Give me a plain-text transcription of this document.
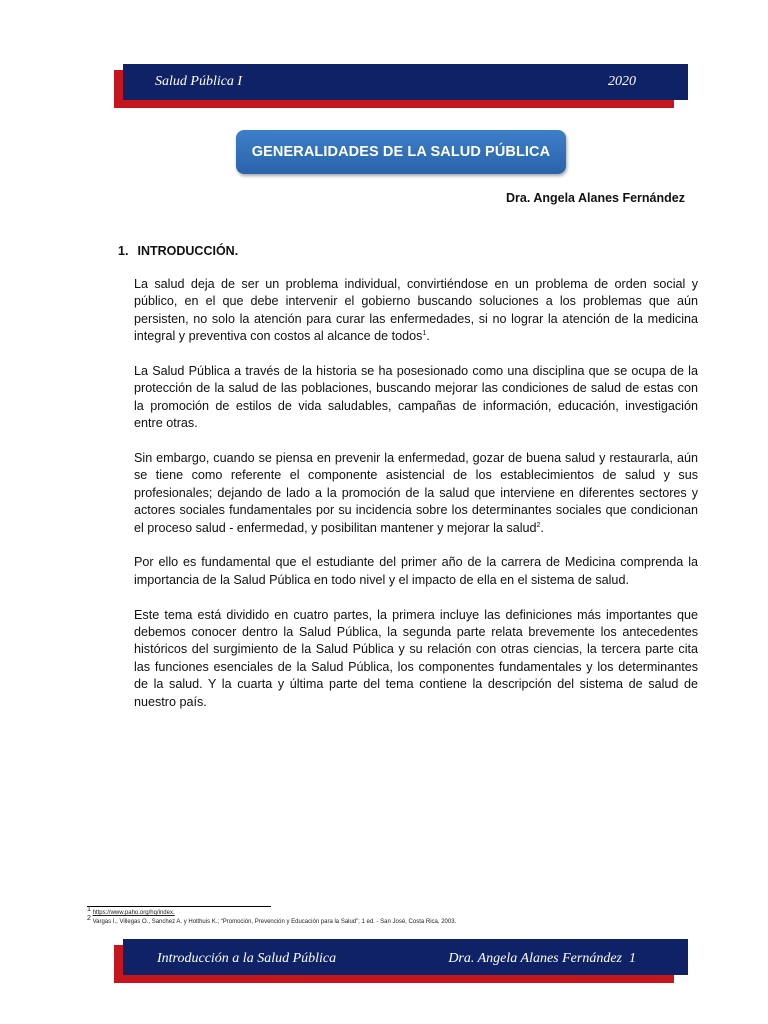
Salud Pública I	2020
GENERALIDADES DE LA SALUD PÚBLICA
Dra. Angela Alanes Fernández
1. INTRODUCCIÓN.

La salud deja de ser un problema individual, convirtiéndose en un problema de orden social y público, en el que debe intervenir el gobierno buscando soluciones a los problemas que aún persisten, no solo la atención para curar las enfermedades, si no lograr la atención de la medicina integral y preventiva con costos al alcance de todos$^1$.

La Salud Pública a través de la historia se ha posesionado como una disciplina que se ocupa de la protección de la salud de las poblaciones, buscando mejorar las condiciones de salud de estas con la promoción de estilos de vida saludables, campañas de información, educación, investigación entre otras.

Sin embargo, cuando se piensa en prevenir la enfermedad, gozar de buena salud y restaurarla, aún se tiene como referente el componente asistencial de los establecimientos de salud y sus profesionales; dejando de lado a la promoción de la salud que interviene en diferentes sectores y actores sociales fundamentales por su incidencia sobre los determinantes sociales que condicionan el proceso salud - enfermedad, y posibilitan mantener y mejorar la salud$^2$.

Por ello es fundamental que el estudiante del primer año de la carrera de Medicina comprenda la importancia de la Salud Pública en todo nivel y el impacto de ella en el sistema de salud.

Este tema está dividido en cuatro partes, la primera incluye las definiciones más importantes que debemos conocer dentro la Salud Pública, la segunda parte relata brevemente los antecedentes históricos del surgimiento de la Salud Pública y su relación con otras ciencias, la tercera parte cita las funciones esenciales de la Salud Pública, los componentes fundamentales y los determinantes de la salud. Y la cuarta y última parte del tema contiene la descripción del sistema de salud de nuestro país.

$^1$ https://www.paho.org/hq/index.
$^2$ Vargas I., Villegas O., Sanchez A. y Holthuis K.; “Promoción, Prevención y Educación para la Salud”; 1 ed. - San José, Costa Rica, 2003.
Introducción a la Salud Pública	Dra. Angela Alanes Fernández  1
